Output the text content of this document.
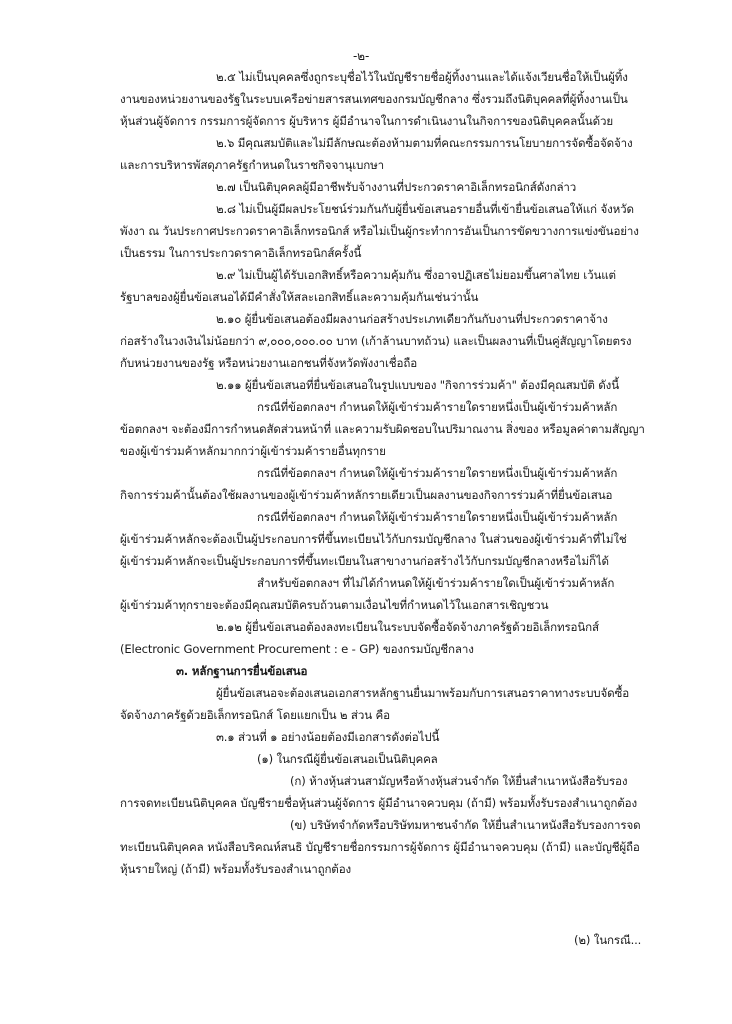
-๒-
๒.๕ ไม่เป็นบุคคลซึ่งถูกระบุชื่อไว้ในบัญชีรายชื่อผู้ทิ้งงานและได้แจ้งเวียนชื่อให้เป็นผู้ทิ้ง
งานของหน่วยงานของรัฐในระบบเครือข่ายสารสนเทศของกรมบัญชีกลาง ซึ่งรวมถึงนิติบุคคลที่ผู้ทิ้งงานเป็น
หุ้นส่วนผู้จัดการ กรรมการผู้จัดการ ผู้บริหาร ผู้มีอำนาจในการดำเนินงานในกิจการของนิติบุคคลนั้นด้วย
๒.๖ มีคุณสมบัติและไม่มีลักษณะต้องห้ามตามที่คณะกรรมการนโยบายการจัดซื้อจัดจ้าง
และการบริหารพัสดุภาครัฐกำหนดในราชกิจจานุเบกษา
๒.๗ เป็นนิติบุคคลผู้มีอาชีพรับจ้างงานที่ประกวดราคาอิเล็กทรอนิกส์ดังกล่าว
๒.๘ ไม่เป็นผู้มีผลประโยชน์ร่วมกันกับผู้ยื่นข้อเสนอรายอื่นที่เข้ายื่นข้อเสนอให้แก่ จังหวัด
พังงา ณ วันประกาศประกวดราคาอิเล็กทรอนิกส์ หรือไม่เป็นผู้กระทำการอันเป็นการขัดขวางการแข่งขันอย่าง
เป็นธรรม ในการประกวดราคาอิเล็กทรอนิกส์ครั้งนี้
๒.๙ ไม่เป็นผู้ได้รับเอกสิทธิ์หรือความคุ้มกัน ซึ่งอาจปฏิเสธไม่ยอมขึ้นศาลไทย เว้นแต่
รัฐบาลของผู้ยื่นข้อเสนอได้มีคำสั่งให้สละเอกสิทธิ์และความคุ้มกันเช่นว่านั้น
๒.๑๐ ผู้ยื่นข้อเสนอต้องมีผลงานก่อสร้างประเภทเดียวกันกับงานที่ประกวดราคาจ้าง
ก่อสร้างในวงเงินไม่น้อยกว่า ๙,๐๐๐,๐๐๐.๐๐ บาท (เก้าล้านบาทถ้วน) และเป็นผลงานที่เป็นคู่สัญญาโดยตรง
กับหน่วยงานของรัฐ หรือหน่วยงานเอกชนที่จังหวัดพังงาเชื่อถือ
๒.๑๑ ผู้ยื่นข้อเสนอที่ยื่นข้อเสนอในรูปแบบของ "กิจการร่วมค้า" ต้องมีคุณสมบัติ ดังนี้
กรณีที่ข้อตกลงฯ กำหนดให้ผู้เข้าร่วมค้ารายใดรายหนึ่งเป็นผู้เข้าร่วมค้าหลัก
ข้อตกลงฯ จะต้องมีการกำหนดสัดส่วนหน้าที่ และความรับผิดชอบในปริมาณงาน สิ่งของ หรือมูลค่าตามสัญญา
ของผู้เข้าร่วมค้าหลักมากกว่าผู้เข้าร่วมค้ารายอื่นทุกราย
กรณีที่ข้อตกลงฯ กำหนดให้ผู้เข้าร่วมค้ารายใดรายหนึ่งเป็นผู้เข้าร่วมค้าหลัก
กิจการร่วมค้านั้นต้องใช้ผลงานของผู้เข้าร่วมค้าหลักรายเดียวเป็นผลงานของกิจการร่วมค้าที่ยื่นข้อเสนอ
กรณีที่ข้อตกลงฯ กำหนดให้ผู้เข้าร่วมค้ารายใดรายหนึ่งเป็นผู้เข้าร่วมค้าหลัก
ผู้เข้าร่วมค้าหลักจะต้องเป็นผู้ประกอบการที่ขึ้นทะเบียนไว้กับกรมบัญชีกลาง ในส่วนของผู้เข้าร่วมค้าที่ไม่ใช่
ผู้เข้าร่วมค้าหลักจะเป็นผู้ประกอบการที่ขึ้นทะเบียนในสาขางานก่อสร้างไว้กับกรมบัญชีกลางหรือไม่ก็ได้
สำหรับข้อตกลงฯ ที่ไม่ได้กำหนดให้ผู้เข้าร่วมค้ารายใดเป็นผู้เข้าร่วมค้าหลัก
ผู้เข้าร่วมค้าทุกรายจะต้องมีคุณสมบัติครบถ้วนตามเงื่อนไขที่กำหนดไว้ในเอกสารเชิญชวน
๒.๑๒ ผู้ยื่นข้อเสนอต้องลงทะเบียนในระบบจัดซื้อจัดจ้างภาครัฐด้วยอิเล็กทรอนิกส์
(Electronic Government Procurement : e - GP) ของกรมบัญชีกลาง
๓. หลักฐานการยื่นข้อเสนอ
ผู้ยื่นข้อเสนอจะต้องเสนอเอกสารหลักฐานยื่นมาพร้อมกับการเสนอราคาทางระบบจัดซื้อ
จัดจ้างภาครัฐด้วยอิเล็กทรอนิกส์ โดยแยกเป็น ๒ ส่วน คือ
๓.๑ ส่วนที่ ๑ อย่างน้อยต้องมีเอกสารดังต่อไปนี้
(๑) ในกรณีผู้ยื่นข้อเสนอเป็นนิติบุคคล
(ก) ห้างหุ้นส่วนสามัญหรือห้างหุ้นส่วนจำกัด ให้ยื่นสำเนาหนังสือรับรอง
การจดทะเบียนนิติบุคคล บัญชีรายชื่อหุ้นส่วนผู้จัดการ ผู้มีอำนาจควบคุม (ถ้ามี) พร้อมทั้งรับรองสำเนาถูกต้อง
(ข) บริษัทจำกัดหรือบริษัทมหาชนจำกัด ให้ยื่นสำเนาหนังสือรับรองการจด
ทะเบียนนิติบุคคล หนังสือบริคณห์สนธิ บัญชีรายชื่อกรรมการผู้จัดการ ผู้มีอำนาจควบคุม (ถ้ามี) และบัญชีผู้ถือ
หุ้นรายใหญ่ (ถ้ามี) พร้อมทั้งรับรองสำเนาถูกต้อง
(๒) ในกรณี...
